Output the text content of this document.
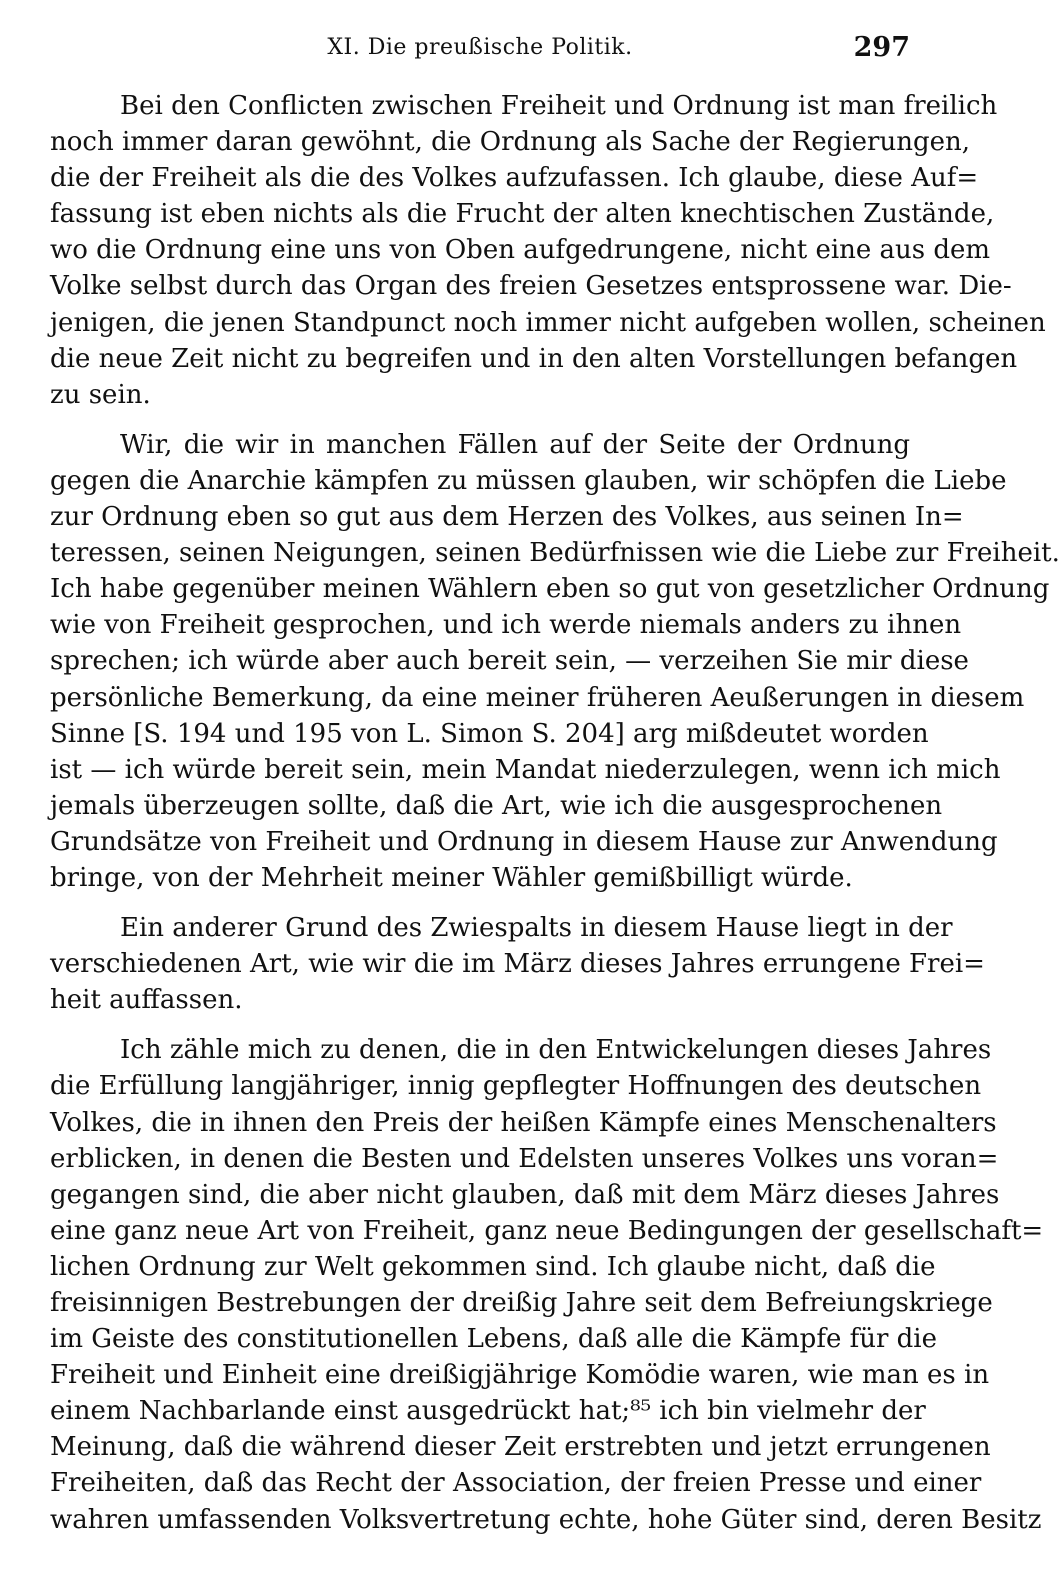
XI. Die preußische Politik.	297
Bei den Conflicten zwischen Freiheit und Ordnung ist man freilich
noch immer daran gewöhnt, die Ordnung als Sache der Regierungen,
die der Freiheit als die des Volkes aufzufassen. Ich glaube, diese Auf=
fassung ist eben nichts als die Frucht der alten knechtischen Zustände,
wo die Ordnung eine uns von Oben aufgedrungene, nicht eine aus dem
Volke selbst durch das Organ des freien Gesetzes entsprossene war. Die-
jenigen, die jenen Standpunct noch immer nicht aufgeben wollen, scheinen
die neue Zeit nicht zu begreifen und in den alten Vorstellungen befangen
zu sein.
Wir, die wir in manchen Fällen auf der Seite der Ordnung
gegen die Anarchie kämpfen zu müssen glauben, wir schöpfen die Liebe
zur Ordnung eben so gut aus dem Herzen des Volkes, aus seinen In=
teressen, seinen Neigungen, seinen Bedürfnissen wie die Liebe zur Freiheit.
Ich habe gegenüber meinen Wählern eben so gut von gesetzlicher Ordnung
wie von Freiheit gesprochen, und ich werde niemals anders zu ihnen
sprechen; ich würde aber auch bereit sein, — verzeihen Sie mir diese
persönliche Bemerkung, da eine meiner früheren Aeußerungen in diesem
Sinne [S. 194 und 195 von L. Simon S. 204] arg mißdeutet worden
ist — ich würde bereit sein, mein Mandat niederzulegen, wenn ich mich
jemals überzeugen sollte, daß die Art, wie ich die ausgesprochenen
Grundsätze von Freiheit und Ordnung in diesem Hause zur Anwendung
bringe, von der Mehrheit meiner Wähler gemißbilligt würde.
Ein anderer Grund des Zwiespalts in diesem Hause liegt in der
verschiedenen Art, wie wir die im März dieses Jahres errungene Frei=
heit auffassen.
Ich zähle mich zu denen, die in den Entwickelungen dieses Jahres
die Erfüllung langjähriger, innig gepflegter Hoffnungen des deutschen
Volkes, die in ihnen den Preis der heißen Kämpfe eines Menschenalters
erblicken, in denen die Besten und Edelsten unseres Volkes uns voran=
gegangen sind, die aber nicht glauben, daß mit dem März dieses Jahres
eine ganz neue Art von Freiheit, ganz neue Bedingungen der gesellschaft=
lichen Ordnung zur Welt gekommen sind. Ich glaube nicht, daß die
freisinnigen Bestrebungen der dreißig Jahre seit dem Befreiungskriege
im Geiste des constitutionellen Lebens, daß alle die Kämpfe für die
Freiheit und Einheit eine dreißigjährige Komödie waren, wie man es in
einem Nachbarlande einst ausgedrückt hat;⁸⁵ ich bin vielmehr der
Meinung, daß die während dieser Zeit erstrebten und jetzt errungenen
Freiheiten, daß das Recht der Association, der freien Presse und einer
wahren umfassenden Volksvertretung echte, hohe Güter sind, deren Besitz
